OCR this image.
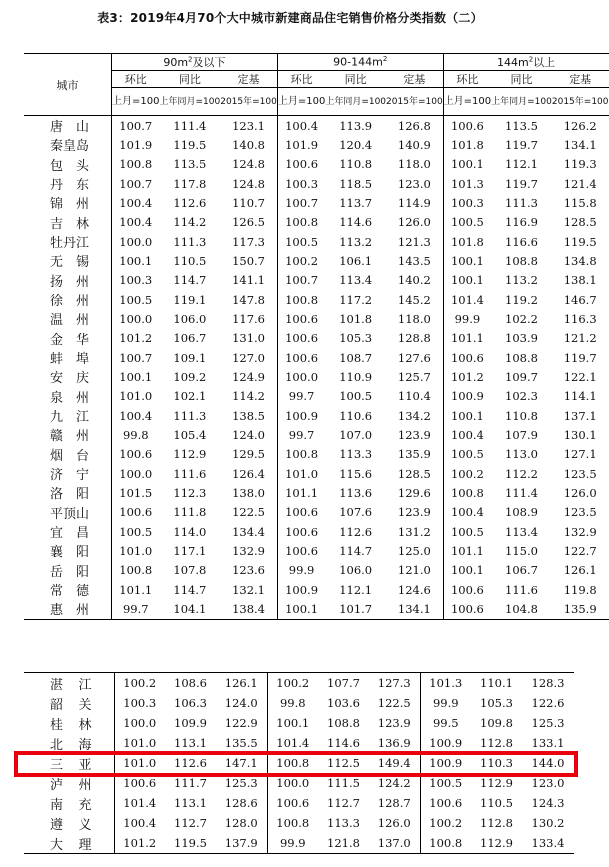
表3：2019年4月70个大中城市新建商品住宅销售价格分类指数（二）
城市	$90m^2$及以下			$90-144m^2$			$144m^2$以上		
	环比	同比	定基	环比	同比	定基	环比	同比	定基
	上月=100	上年同月=100	2015年=100	上月=100	上年同月=100	2015年=100	上月=100	上年同月=100	2015年=100
唐山	100.7	111.4	123.1	100.4	113.9	126.8	100.6	113.5	126.2
秦皇岛	101.9	119.5	140.8	101.9	120.4	140.9	101.8	119.7	134.1
包头	100.8	113.5	124.8	100.6	110.8	118.0	100.1	112.1	119.3
丹东	100.7	117.8	124.8	100.3	118.5	123.0	101.3	119.7	121.4
锦州	100.4	112.6	110.7	100.7	113.7	114.9	100.3	111.3	115.8
吉林	100.4	114.2	126.5	100.8	114.6	126.0	100.5	116.9	128.5
牡丹江	100.0	111.3	117.3	100.5	113.2	121.3	101.8	116.6	119.5
无锡	100.1	110.5	150.7	100.2	106.1	143.5	100.1	108.8	134.8
扬州	100.3	114.7	141.1	100.7	113.4	140.2	100.1	113.2	138.1
徐州	100.5	119.1	147.8	100.8	117.2	145.2	101.4	119.2	146.7
温州	100.0	106.0	117.6	100.6	101.8	118.0	99.9	102.2	116.3
金华	101.2	106.7	131.0	100.6	105.3	128.8	101.1	103.9	121.2
蚌埠	100.7	109.1	127.0	100.6	108.7	127.6	100.6	108.8	119.7
安庆	100.1	109.2	124.9	100.0	110.9	125.7	101.2	109.7	122.1
泉州	101.0	102.1	114.2	99.7	100.5	110.4	100.9	102.3	114.1
九江	100.4	111.3	138.5	100.9	110.6	134.2	100.1	110.8	137.1
赣州	99.8	105.4	124.0	99.7	107.0	123.9	100.4	107.9	130.1
烟台	100.6	112.9	129.5	100.8	113.3	135.9	100.5	113.0	127.1
济宁	100.0	111.6	126.4	101.0	115.6	128.5	100.2	112.2	123.5
洛阳	101.5	112.3	138.0	101.1	113.6	129.6	100.8	111.4	126.0
平顶山	100.6	111.8	122.5	100.6	107.6	123.9	100.4	108.9	123.5
宜昌	100.5	114.0	134.4	100.6	112.6	131.2	100.5	113.4	132.9
襄阳	101.0	117.1	132.9	100.6	114.7	125.0	101.1	115.0	122.7
岳阳	100.8	107.8	123.6	99.9	106.0	121.0	100.1	106.7	126.1
常德	101.1	114.7	132.1	100.9	112.1	124.6	100.6	111.6	119.8
惠州	99.7	104.1	138.4	100.1	101.7	134.1	100.6	104.8	135.9
湛江	100.2	108.6	126.1	100.2	107.7	127.3	101.3	110.1	128.3
韶关	100.3	106.3	124.0	99.8	103.6	122.5	99.9	105.3	122.6
桂林	100.0	109.9	122.9	100.1	108.8	123.9	99.5	109.8	125.3
北海	101.0	113.1	135.5	101.4	114.6	136.9	100.9	112.8	133.1
三亚	101.0	112.6	147.1	100.8	112.5	149.4	100.9	110.3	144.0
泸州	100.6	111.7	125.3	100.0	111.5	124.2	100.5	112.9	123.0
南充	101.4	113.1	128.6	100.6	112.7	128.7	100.6	110.5	124.3
遵义	100.4	112.7	128.0	100.8	113.3	126.0	100.2	112.8	130.2
大理	101.2	119.5	137.9	99.9	121.8	137.0	100.8	112.9	133.4
